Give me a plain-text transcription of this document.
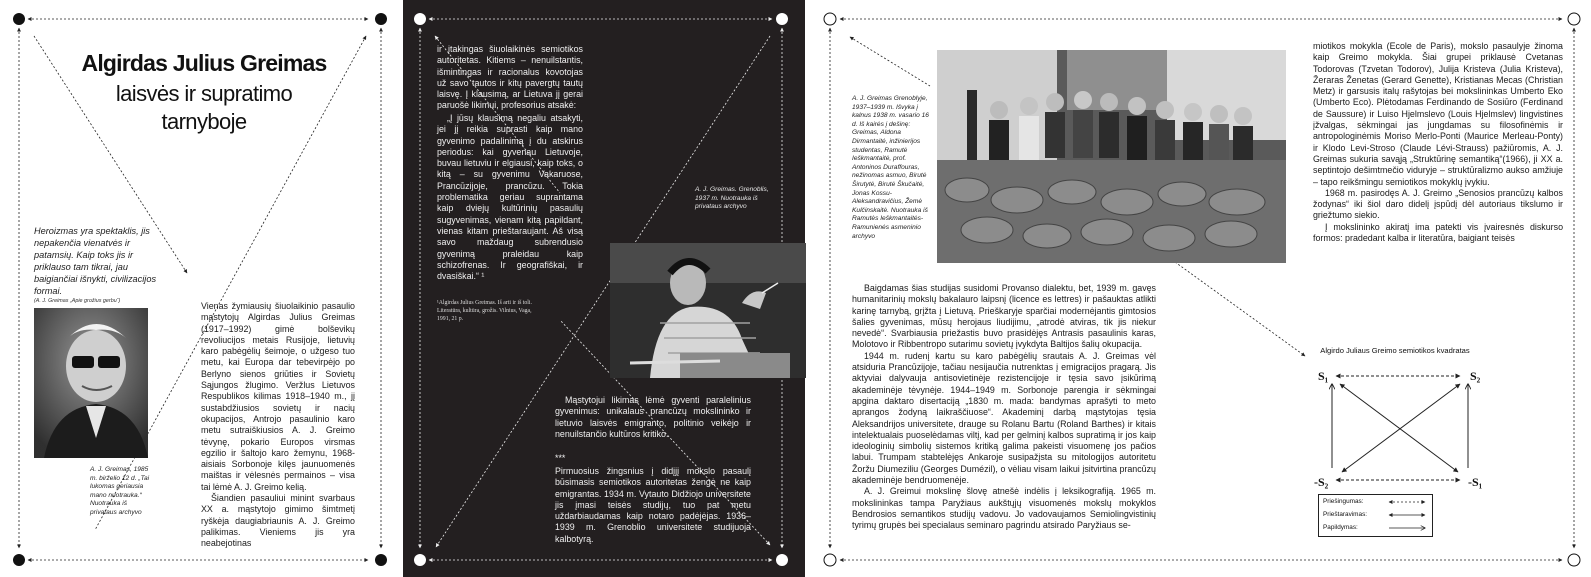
Algirdas Julius Greimas
laisvės ir supratimo
tarnyboje
Heroizmas yra spektaklis, jis nepakenčia vienatvės ir patamsių. Kaip toks jis ir priklauso tam tikrai, jau baigiančiai išnykti, civilizacijos formai.
(A. J. Greimas „Apie grožius gerbu“)
A. J. Greimas, 1985 m. birželio 12 d. „Tai lukomas geriausia mano nuotrauka.“ Nuotrauka iš privataus archyvo
Vienas žymiausių šiuolaikinio pasaulio mąstytojų Algirdas Julius Greimas (1917–1992) gimė bolševikų revoliucijos metais Rusijoje, lietuvių karo pabėgėlių šeimoje, o užgeso tuo metu, kai Europa dar tebevirpėjo po Berlyno sienos griūties ir Sovietų Sąjungos žlugimo. Veržlus Lietuvos Respublikos kilimas 1918–1940 m., jį sustabdžiusios sovietų ir nacių okupacijos, Antrojo pasaulinio karo metu sutraiškiusios A. J. Greimo tėvynę, pokario Europos virsmas egzilio ir šaltojo karo žemynu, 1968-aisiais Sorbonoje kilęs jaunuomenės maištas ir vėlesnės permainos – visa tai lėmė A. J. Greimo kelią.
Šiandien pasauliui minint svarbaus XX a. mąstytojo gimimo šimtmetį ryškėja daugiabriaunis A. J. Greimo palikimas. Vieniems jis yra neabejotinas
ir įtakingas šiuolaikinės semiotikos autoritetas. Kitiems – nenuilstantis, išmintingas ir racionalus kovotojas už savo tautos ir kitų pavergtų tautų laisvę. Į klausimą, ar Lietuva jį gerai paruošė likimui, profesorius atsakė:
„Į jūsų klausimą negaliu atsakyti, jei jį reikia suprasti kaip mano gyvenimo padalinimą į du atskirus periodus: kai gyvenau Lietuvoje, buvau lietuviu ir elgiausi, kaip toks, o kitą – su gyvenimu Vakaruose, Prancūzijoje, prancūzu. Tokia problematika geriau suprantama kaip dviejų kultūrinių pasaulių sugyvenimas, vienam kitą papildant, vienas kitam prieštaraujant. Aš visą savo maždaug subrendusio gyvenimą praleidau kaip schizofrenas. Ir geografiškai, ir dvasiškai.“ ¹
¹Algirdas Julius Greimas. Iš arti ir iš toli. Literatūra, kultūra, grožis. Vilnius, Vaga, 1991, 21 p.
A. J. Greimas. Grenoblis, 1937 m. Nuotrauka iš privataus archyvo
Mąstytojui likimas lėmė gyventi paralelinius gyvenimus: unikalaus prancūzų mokslininko ir lietuvio laisvės emigranto, politinio veikėjo ir nenuilstančio kultūros kritiko.
***
Pirmuosius žingsnius į didįjį mokslo pasaulį būsimasis semiotikos autoritetas žengė ne kaip emigrantas. 1934 m. Vytauto Didžiojo universitete jis įmasi teisės studijų, tuo pat metu uždarbiaudamas kaip notaro padėjėjas. 1936–1939 m. Grenoblio universitete studijuoja kalbotyrą.
A. J. Greimas Grenoblyje, 1937–1939 m. Išvyka į kalnus 1938 m. vasario 16 d. Iš kairės į dešinę: Greimas, Aldona Dirmantaitė, inžinierijos studentas, Ramutė Ieškmantaitė, prof. Antoninos Duraffouras, nežinomas asmuo, Birutė Širutytė, Birutė Škučaitė, Jonas Kossu-Aleksandravičius, Žemė Kulčinskaitė. Nuotrauka iš Ramutės Ieškmantaitės-Ramunienės asmeninio archyvo
Baigdamas šias studijas susidomi Provanso dialektu, bet, 1939 m. gavęs humanitarinių mokslų bakalauro laipsnį (licence es lettres) ir pašauktas atlikti karinę tarnybą, grįžta į Lietuvą. Prieškaryje sparčiai modernėjantis gimtosios šalies gyvenimas, mūsų herojaus liudijimu, „atrodė atviras, tik jis niekur nevedė“. Svarbiausia priežastis buvo prasidėjęs Antrasis pasaulinis karas, Molotovo ir Ribbentropo sutarimu sovietų įvykdyta Baltijos šalių okupacija.
1944 m. rudenį kartu su karo pabėgėlių srautais A. J. Greimas vėl atsiduria Prancūzijoje, tačiau nesijaučia nutrenktas į emigracijos pragarą. Jis aktyviai dalyvauja antisovietinėje rezistencijoje ir tęsia savo įsikūrimą akademinėje tėvynėje. 1944–1949 m. Sorbonoje parengia ir sėkmingai apgina daktaro disertaciją „1830 m. mada: bandymas aprašyti to meto aprangos žodyną laikraščiuose“. Akademinį darbą mąstytojas tęsia Aleksandrijos universitete, drauge su Rolanu Bartu (Roland Barthes) ir kitais intelektualais puoselėdamas viltį, kad per gelminį kalbos supratimą ir jos kaip ideologinių simbolių sistemos kritiką galima pakeisti visuomenę jos pačios labui. Trumpam stabtelėjęs Ankaroje susipažįsta su mitologijos autoritetu Žoržu Diumeziliu (Georges Dumézil), o vėliau visam laikui įsitvirtina prancūzų akademinėje bendruomenėje.
A. J. Greimui mokslinę šlovę atnešė indėlis į leksikografiją. 1965 m. mokslininkas tampa Paryžiaus aukštųjų visuomenės mokslų mokyklos Bendrosios semantikos studijų vadovu. Jo vadovaujamos Semiolingvistinių tyrimų grupės bei specialaus seminaro pagrindu atsirado Paryžiaus se-
miotikos mokykla (Ecole de Paris), mokslo pasaulyje žinoma kaip Greimo mokykla. Šiai grupei priklausė Cvetanas Todorovas (Tzvetan Todorov), Julija Kristeva (Julia Kristeva), Žeraras Ženetas (Gerard Genette), Kristianas Mecas (Christian Metz) ir garsusis italų rašytojas bei mokslininkas Umberto Eko (Umberto Eco). Plėtodamas Ferdinando de Sosiūro (Ferdinand de Saussure) ir Luiso Hjelmslevo (Louis Hjelmslev) lingvistines įžvalgas, sėkmingai jas jungdamas su filosofinėmis ir antropologinėmis Morisо Merlo-Ponti (Maurice Merleau-Ponty) ir Klodo Levi-Strosо (Claude Lévi-Strauss) pažiūromis, A. J. Greimas sukuria savąją „Struktūrinę semantiką“(1966), ji XX a. septintojo dešimtmečio viduryje – struktūralizmo aukso amžiuje – tapo reikšmingu semiotikos mokyklų įvykiu.
1968 m. pasirodęs A. J. Greimo „Senosios prancūzų kalbos žodynas“ iki šiol daro didelį įspūdį dėl autoriaus tikslumo ir griežtumo siekio.
Į mokslininko akiratį ima patekti vis įvairesnės diskurso formos: pradedant kalba ir literatūra, baigiant teisės
Algirdo Juliaus Greimo semiotikos kvadratas
S₁	S₂
-S₂	-S₁
Priešingumas:
Prieštaravimas:
Papildymas:
